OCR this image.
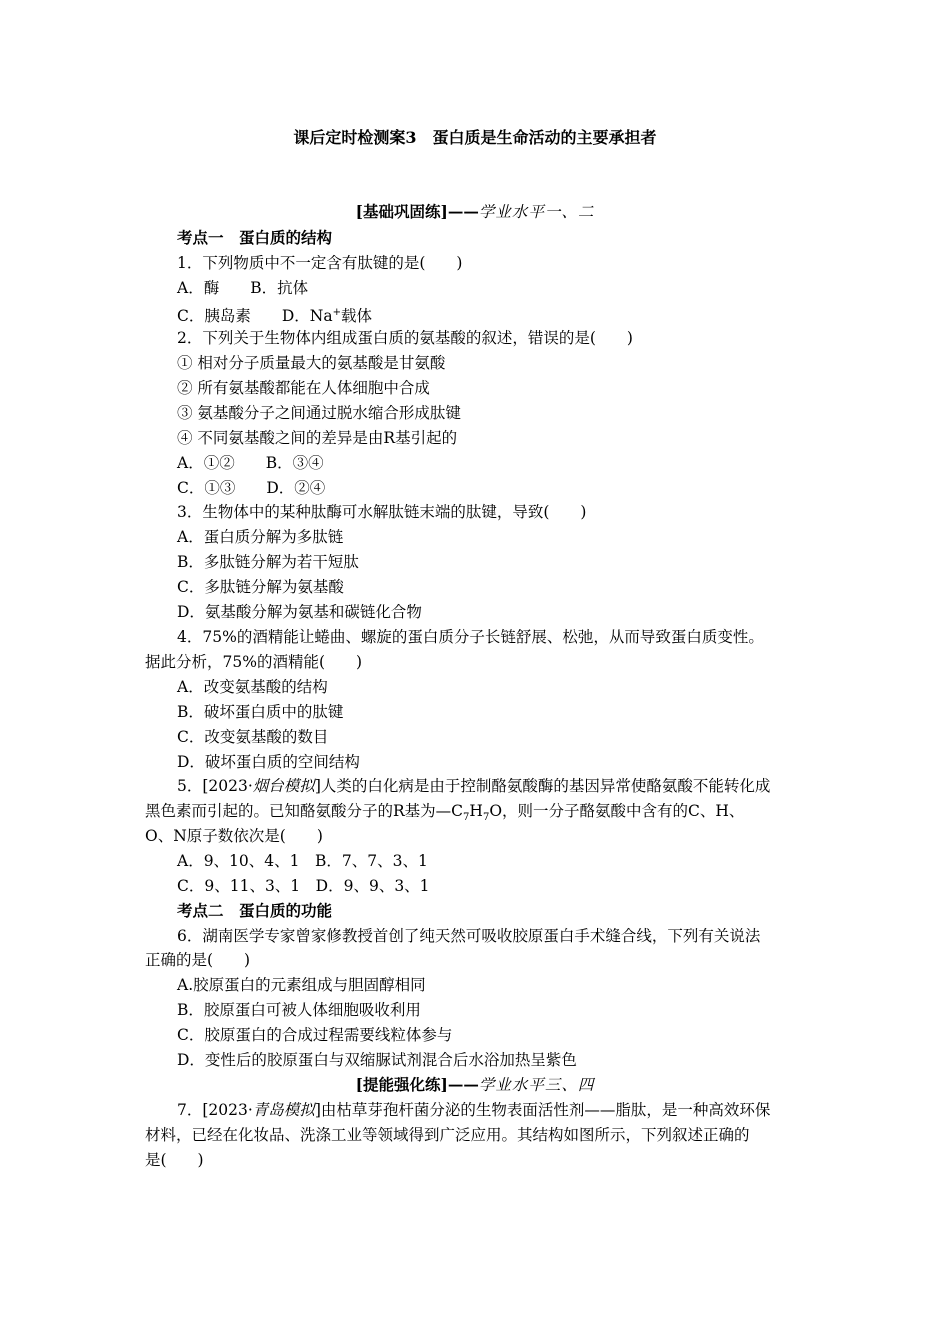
课后定时检测案3　蛋白质是生命活动的主要承担者
[基础巩固练]——学业水平一、二
考点一　蛋白质的结构
1．下列物质中不一定含有肽键的是(　　)
A．酶　　B．抗体
C．胰岛素　　D．Na+载体
2．下列关于生物体内组成蛋白质的氨基酸的叙述，错误的是(　　)
① 相对分子质量最大的氨基酸是甘氨酸
② 所有氨基酸都能在人体细胞中合成
③ 氨基酸分子之间通过脱水缩合形成肽键
④ 不同氨基酸之间的差异是由R基引起的
A．①②　　B．③④
C．①③　　D．②④
3．生物体中的某种肽酶可水解肽链末端的肽键，导致(　　)
A．蛋白质分解为多肽链
B．多肽链分解为若干短肽
C．多肽链分解为氨基酸
D．氨基酸分解为氨基和碳链化合物
4．75%的酒精能让蜷曲、螺旋的蛋白质分子长链舒展、松弛，从而导致蛋白质变性。
据此分析，75%的酒精能(　　)
A．改变氨基酸的结构
B．破坏蛋白质中的肽键
C．改变氨基酸的数目
D．破坏蛋白质的空间结构
5．[2023·烟台模拟]人类的白化病是由于控制酪氨酸酶的基因异常使酪氨酸不能转化成
黑色素而引起的。已知酪氨酸分子的R基为$—C_7H_7O$，则一分子酪氨酸中含有的C、H、
O、N原子数依次是(　　)
A．9、10、4、1　B．7、7、3、1
C．9、11、3、1　D．9、9、3、1
考点二　蛋白质的功能
6．湖南医学专家曾家修教授首创了纯天然可吸收胶原蛋白手术缝合线，下列有关说法
正确的是(　　)
A.胶原蛋白的元素组成与胆固醇相同
B．胶原蛋白可被人体细胞吸收利用
C．胶原蛋白的合成过程需要线粒体参与
D．变性后的胶原蛋白与双缩脲试剂混合后水浴加热呈紫色
[提能强化练]——学业水平三、四
7．[2023·青岛模拟]由枯草芽孢杆菌分泌的生物表面活性剂——脂肽，是一种高效环保
材料，已经在化妆品、洗涤工业等领域得到广泛应用。其结构如图所示，下列叙述正确的
是(　　)
